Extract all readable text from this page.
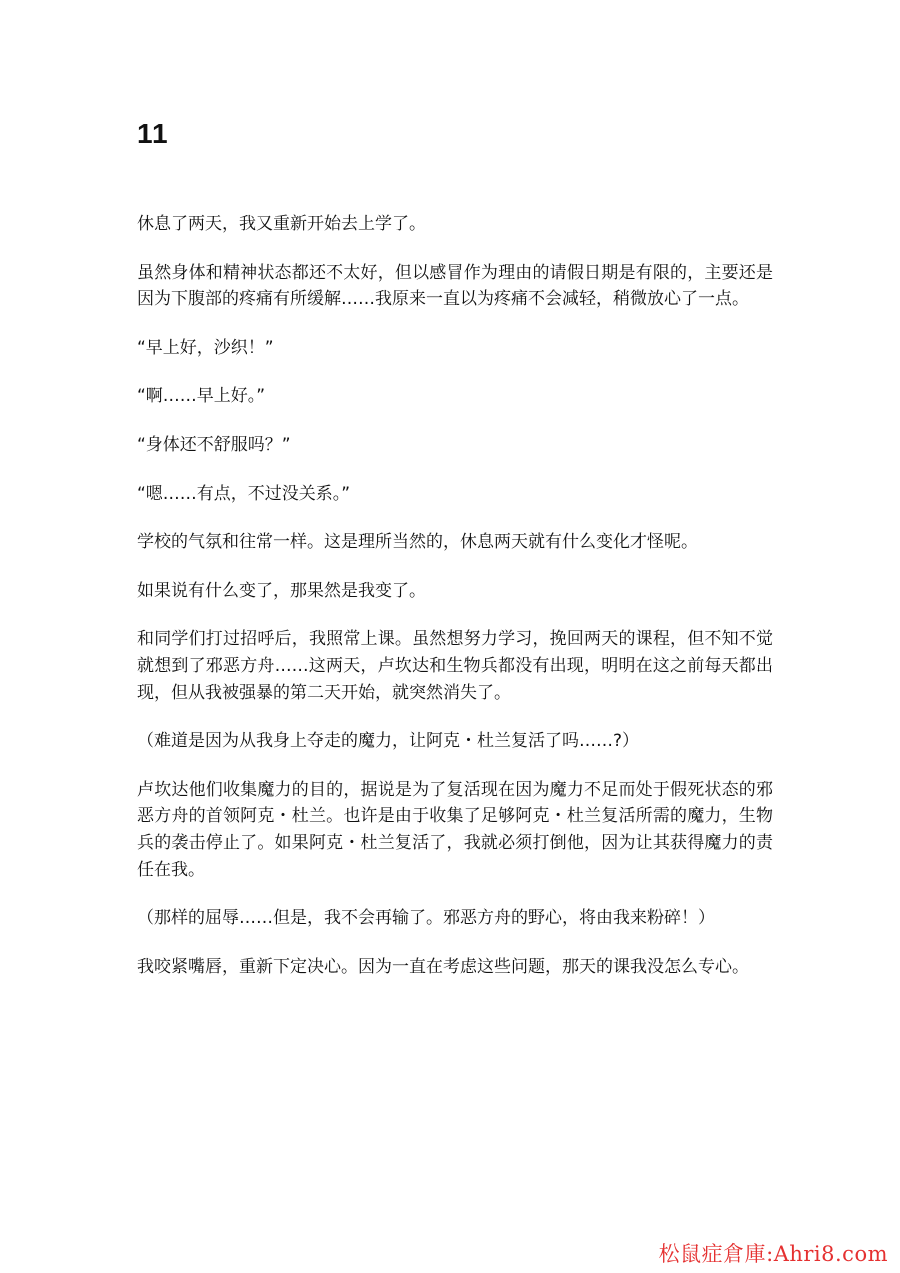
11

休息了两天，我又重新开始去上学了。

虽然身体和精神状态都还不太好，但以感冒作为理由的请假日期是有限的，主要还是因为下腹部的疼痛有所缓解……我原来一直以为疼痛不会减轻，稍微放心了一点。

“早上好，沙织！”

“啊……早上好。”

“身体还不舒服吗？”

“嗯……有点，不过没关系。”

学校的气氛和往常一样。这是理所当然的，休息两天就有什么变化才怪呢。

如果说有什么变了，那果然是我变了。

和同学们打过招呼后，我照常上课。虽然想努力学习，挽回两天的课程，但不知不觉就想到了邪恶方舟……这两天，卢坎达和生物兵都没有出现，明明在这之前每天都出现，但从我被强暴的第二天开始，就突然消失了。

（难道是因为从我身上夺走的魔力，让阿克・杜兰复活了吗……?）

卢坎达他们收集魔力的目的，据说是为了复活现在因为魔力不足而处于假死状态的邪恶方舟的首领阿克・杜兰。也许是由于收集了足够阿克・杜兰复活所需的魔力，生物兵的袭击停止了。如果阿克・杜兰复活了，我就必须打倒他，因为让其获得魔力的责任在我。

（那样的屈辱……但是，我不会再输了。邪恶方舟的野心，将由我来粉碎！）

我咬紧嘴唇，重新下定决心。因为一直在考虑这些问题，那天的课我没怎么专心。

松鼠症倉庫:Ahri8.com
